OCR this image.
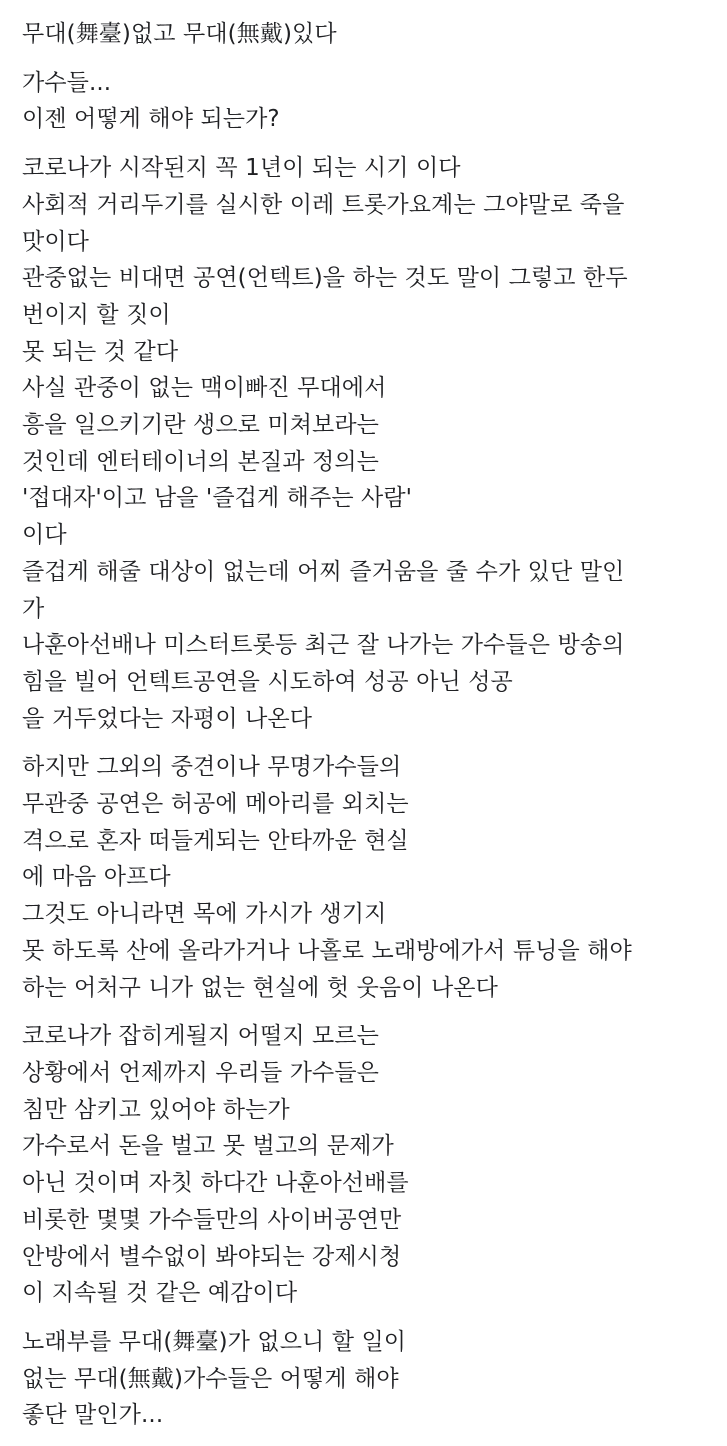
무대(舞臺)없고 무대(無戴)있다
가수들...
이젠 어떻게 해야 되는가?
코로나가 시작된지 꼭 1년이 되는 시기 이다
사회적 거리두기를 실시한 이레 트롯가요계는 그야말로 죽을
맛이다
관중없는 비대면 공연(언텍트)을 하는 것도 말이 그렇고 한두
번이지 할 짓이
못 되는 것 같다
사실 관중이 없는 맥이빠진 무대에서
흥을 일으키기란 생으로 미쳐보라는
것인데 엔터테이너의 본질과 정의는
'접대자'이고 남을 '즐겁게 해주는 사람'
이다
즐겁게 해줄 대상이 없는데 어찌 즐거움을 줄 수가 있단 말인
가
나훈아선배나 미스터트롯등 최근 잘 나가는 가수들은 방송의
힘을 빌어 언텍트공연을 시도하여 성공 아닌 성공
을 거두었다는 자평이 나온다
하지만 그외의 중견이나 무명가수들의
무관중 공연은 허공에 메아리를 외치는
격으로 혼자 떠들게되는 안타까운 현실
에 마음 아프다
그것도 아니라면 목에 가시가 생기지
못 하도록 산에 올라가거나 나홀로 노래방에가서 튜닝을 해야
하는 어처구 니가 없는 현실에 헛 웃음이 나온다
코로나가 잡히게될지 어떨지 모르는
상황에서 언제까지 우리들 가수들은
침만 삼키고 있어야 하는가
가수로서 돈을 벌고 못 벌고의 문제가
아닌 것이며 자칫 하다간 나훈아선배를
비롯한 몇몇 가수들만의 사이버공연만
안방에서 별수없이 봐야되는 강제시청
이 지속될 것 같은 예감이다
노래부를 무대(舞臺)가 없으니 할 일이
없는 무대(無戴)가수들은 어떻게 해야
좋단 말인가...
